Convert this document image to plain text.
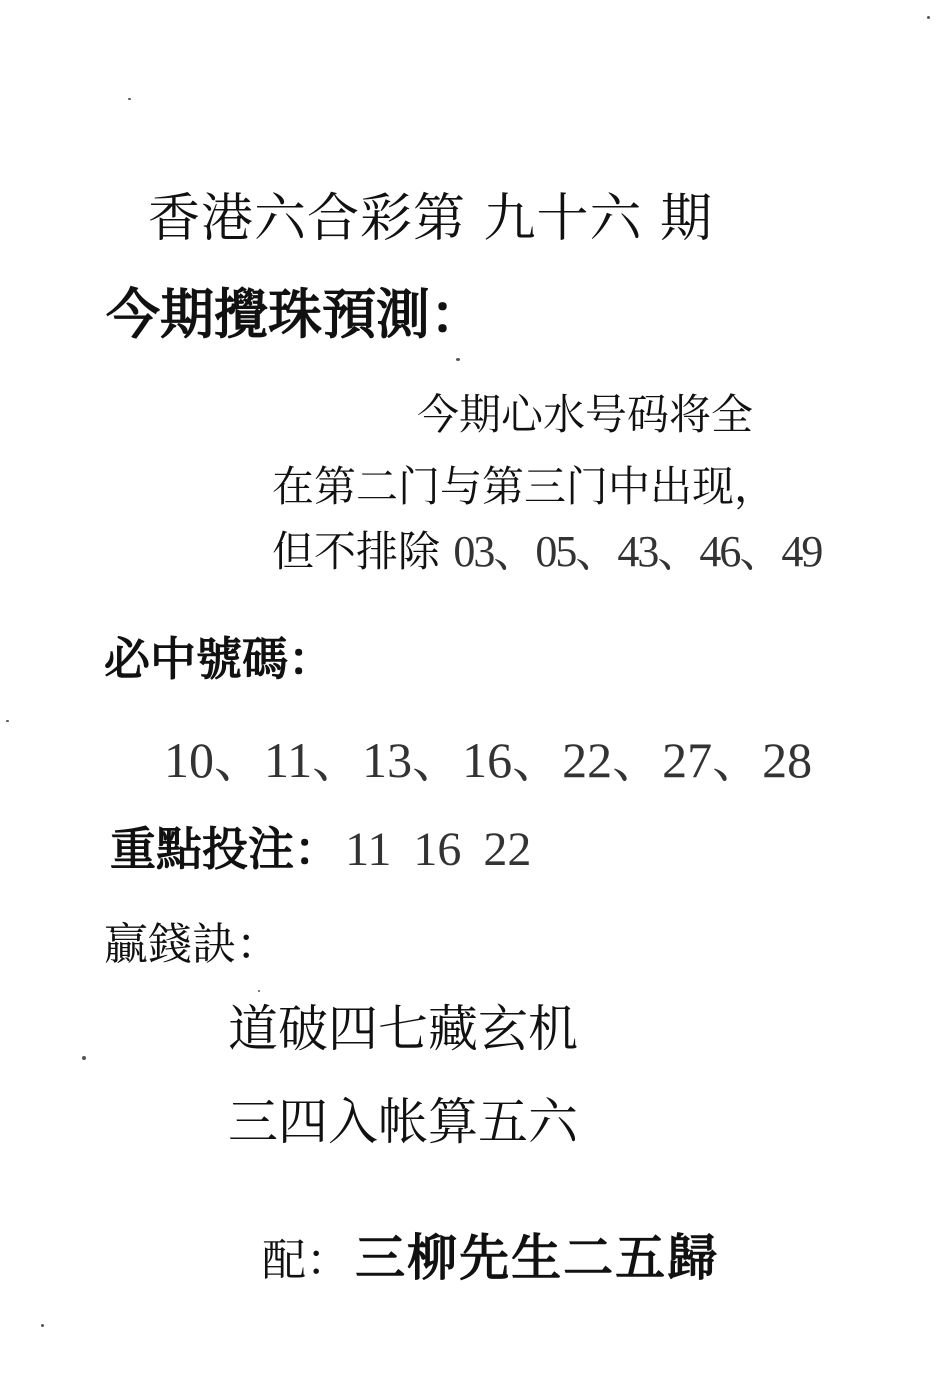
香港六合彩第 九十六 期
今期攪珠預測：
今期心水号码将全
在第二门与第三门中出现，
但不排除 03、05、43、46、49
必中號碼：
10、11、13、16、22、27、28
重點投注： 11 16 22
贏錢訣：
道破四七藏玄机
三四入帐算五六
配： 三柳先生二五歸
